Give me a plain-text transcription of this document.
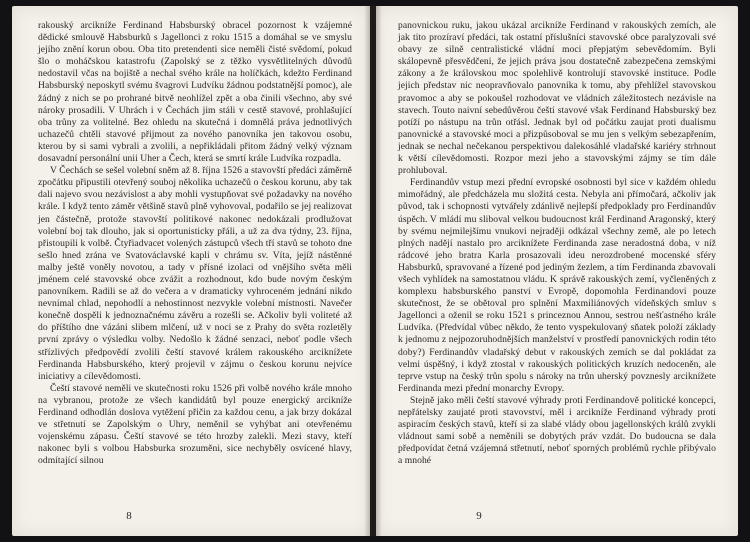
rakouský arcikníže Ferdinand Habsburský obracel pozornost k vzájemné dědické smlouvě Habsburků s Jagellonci z roku 1515 a domáhal se ve smyslu jejího znění korun obou. Oba tito pretendenti sice neměli čisté svědomí, pokud šlo o moháčskou katastrofu (Zapolský se z těžko vysvětlitelných důvodů nedostavil včas na bojiště a nechal svého krále na holíčkách, kdežto Ferdinand Habsburský neposkytl svému švagrovi Ludvíku žádnou podstatnější pomoc), ale žádný z nich se po prohrané bitvě neohlížel zpět a oba činili všechno, aby své nároky prosadili. V Uhrách i v Čechách jim stáli v cestě stavové, prohlašující oba trůny za volitelné. Bez ohledu na skutečná i domnělá práva jednotlivých uchazečů chtěli stavové přijmout za nového panovníka jen takovou osobu, kterou by si sami vybrali a zvolili, a nepřikládali přitom žádný velký význam dosavadní personální unii Uher a Čech, která se smrtí krále Ludvíka rozpadla.

V Čechách se sešel volební sněm až 8. října 1526 a stavovští předáci záměrně zpočátku připustili otevřený souboj několika uchazečů o českou korunu, aby tak dali najevo svou nezávislost a aby mohli vystupňovat své požadavky na nového krále. I když tento záměr většině stavů plně vyhovoval, podařilo se jej realizovat jen částečně, protože stavovští politikové nakonec nedokázali prodlužovat volební boj tak dlouho, jak si oportunisticky přáli, a už za dva týdny, 23. října, přistoupili k volbě. Čtyřiadvacet volených zástupců všech tří stavů se tohoto dne sešlo hned zrána ve Svatováclavské kapli v chrámu sv. Víta, jejíž nástěnné malby ještě voněly novotou, a tady v přísné izolaci od vnějšího světa měli jménem celé stavovské obce zvážit a rozhodnout, kdo bude novým českým panovníkem. Radili se až do večera a v dramaticky vyhroceném jednání nikdo nevnímal chlad, nepohodlí a nehostinnost nezvykle volební místnosti. Navečer konečně dospěli k jednoznačnému závěru a rozešli se. Ačkoliv byli voliteté až do příštího dne vázáni slibem mlčení, už v noci se z Prahy do světa rozletěly první zprávy o výsledku volby. Nedošlo k žádné senzaci, neboť podle všech střízlivých předpovědí zvolili čeští stavové králem rakouského arciknížete Ferdinanda Habsburského, který projevil v zájmu o českou korunu nejvíce iniciativy a cílevědomosti.

Čeští stavové neměli ve skutečnosti roku 1526 při volbě nového krále mnoho na vybranou, protože ze všech kandidátů byl pouze energický arcikníže Ferdinand odhodlán doslova vytěžení přičin za každou cenu, a jak brzy dokázal ve střetnutí se Zapolským o Uhry, neměnil se vyhýbat ani otevřenému vojenskému zápasu. Čeští stavové se této hrozby zalekli. Mezi stavy, kteří nakonec byli s volbou Habsburka srozuměni, sice nechyběly osvícené hlavy, odmítající silnou

8

panovnickou ruku, jakou ukázal arcikníže Ferdinand v rakouských zemích, ale jak tito prozíraví předáci, tak ostatní příslušníci stavovské obce paralyzovali své obavy ze silně centralistické vládní moci přepjatým sebevědomím. Byli skálopevně přesvědčeni, že jejich práva jsou dostatečně zabezpečena zemskými zákony a že královskou moc spolehlivě kontrolují stavovské instituce. Podle jejich představ nic neopravňovalo panovníka k tomu, aby přehlížel stavovskou pravomoc a aby se pokoušel rozhodovat ve vládních záležitostech nezávisle na stavech. Touto naivní sebedůvěrou čeští stavové však Ferdinand Habsburský bez potíží po nástupu na trůn otřásl. Jednak byl od počátku zaujat proti dualismu panovnické a stavovské moci a přizpůsoboval se mu jen s velkým sebezapřením, jednak se nechal nečekanou perspektivou dalekosáhlé vladařské kariéry strhnout k větší cílevědomosti. Rozpor mezi jeho a stavovskými zájmy se tím dále prohluboval.

Ferdinandův vstup mezi přední evropské osobnosti byl sice v každém ohledu mimořádný, ale předcházela mu složitá cesta. Nebyla ani přímočará, ačkoliv jak původ, tak i schopnosti vytvářely zdánlivě nejlepší předpoklady pro Ferdinandův úspěch. V mládí mu sliboval velkou budoucnost král Ferdinand Aragonský, který by svému nejmilejšímu vnukovi nejraději odkázal všechny země, ale po letech plných nadějí nastalo pro arciknížete Ferdinanda zase neradostná doba, v níž rádcové jeho bratra Karla prosazovali ideu nerozdrobené mocenské sféry Habsburků, spravované a řízené pod jediným žezlem, a tím Ferdinanda zbavovali všech vyhlídek na samostatnou vládu. K správě rakouských zemí, vyčleněných z komplexu habsburského panství v Evropě, dopomohla Ferdinandovi pouze skutečnost, že se obětoval pro splnění Maxmiliánových vídeňských smluv s Jagellonci a oženil se roku 1521 s princeznou Annou, sestrou nešťastného krále Ludvíka. (Předvídal vůbec někdo, že tento vyspekulovaný sňatek položí základy k jednomu z nejpozoruhodnějších manželství v prostředí panovnických rodin této doby?) Ferdinandův vladařský debut v rakouských zemích se dal pokládat za velmi úspěšný, i když ztostal v rakouských politických kruzích nedoceněn, ale teprve vstup na český trůn spolu s nároky na trůn uherský povznesly arciknížete Ferdinanda mezi přední monarchy Evropy.

Stejně jako měli čeští stavové výhrady proti Ferdinandově politické koncepci, nepřátelsky zaujaté proti stavovství, měl i arcikníže Ferdinand výhrady proti aspiracím českých stavů, kteří si za slabé vlády obou jagellonských králů zvykli vládnout sami sobě a neměnili se dobytých práv vzdát. Do budoucna se dala předpovídat četná vzájemná střetnutí, neboť sporných problémů rychle přibývalo a mnohé

9
